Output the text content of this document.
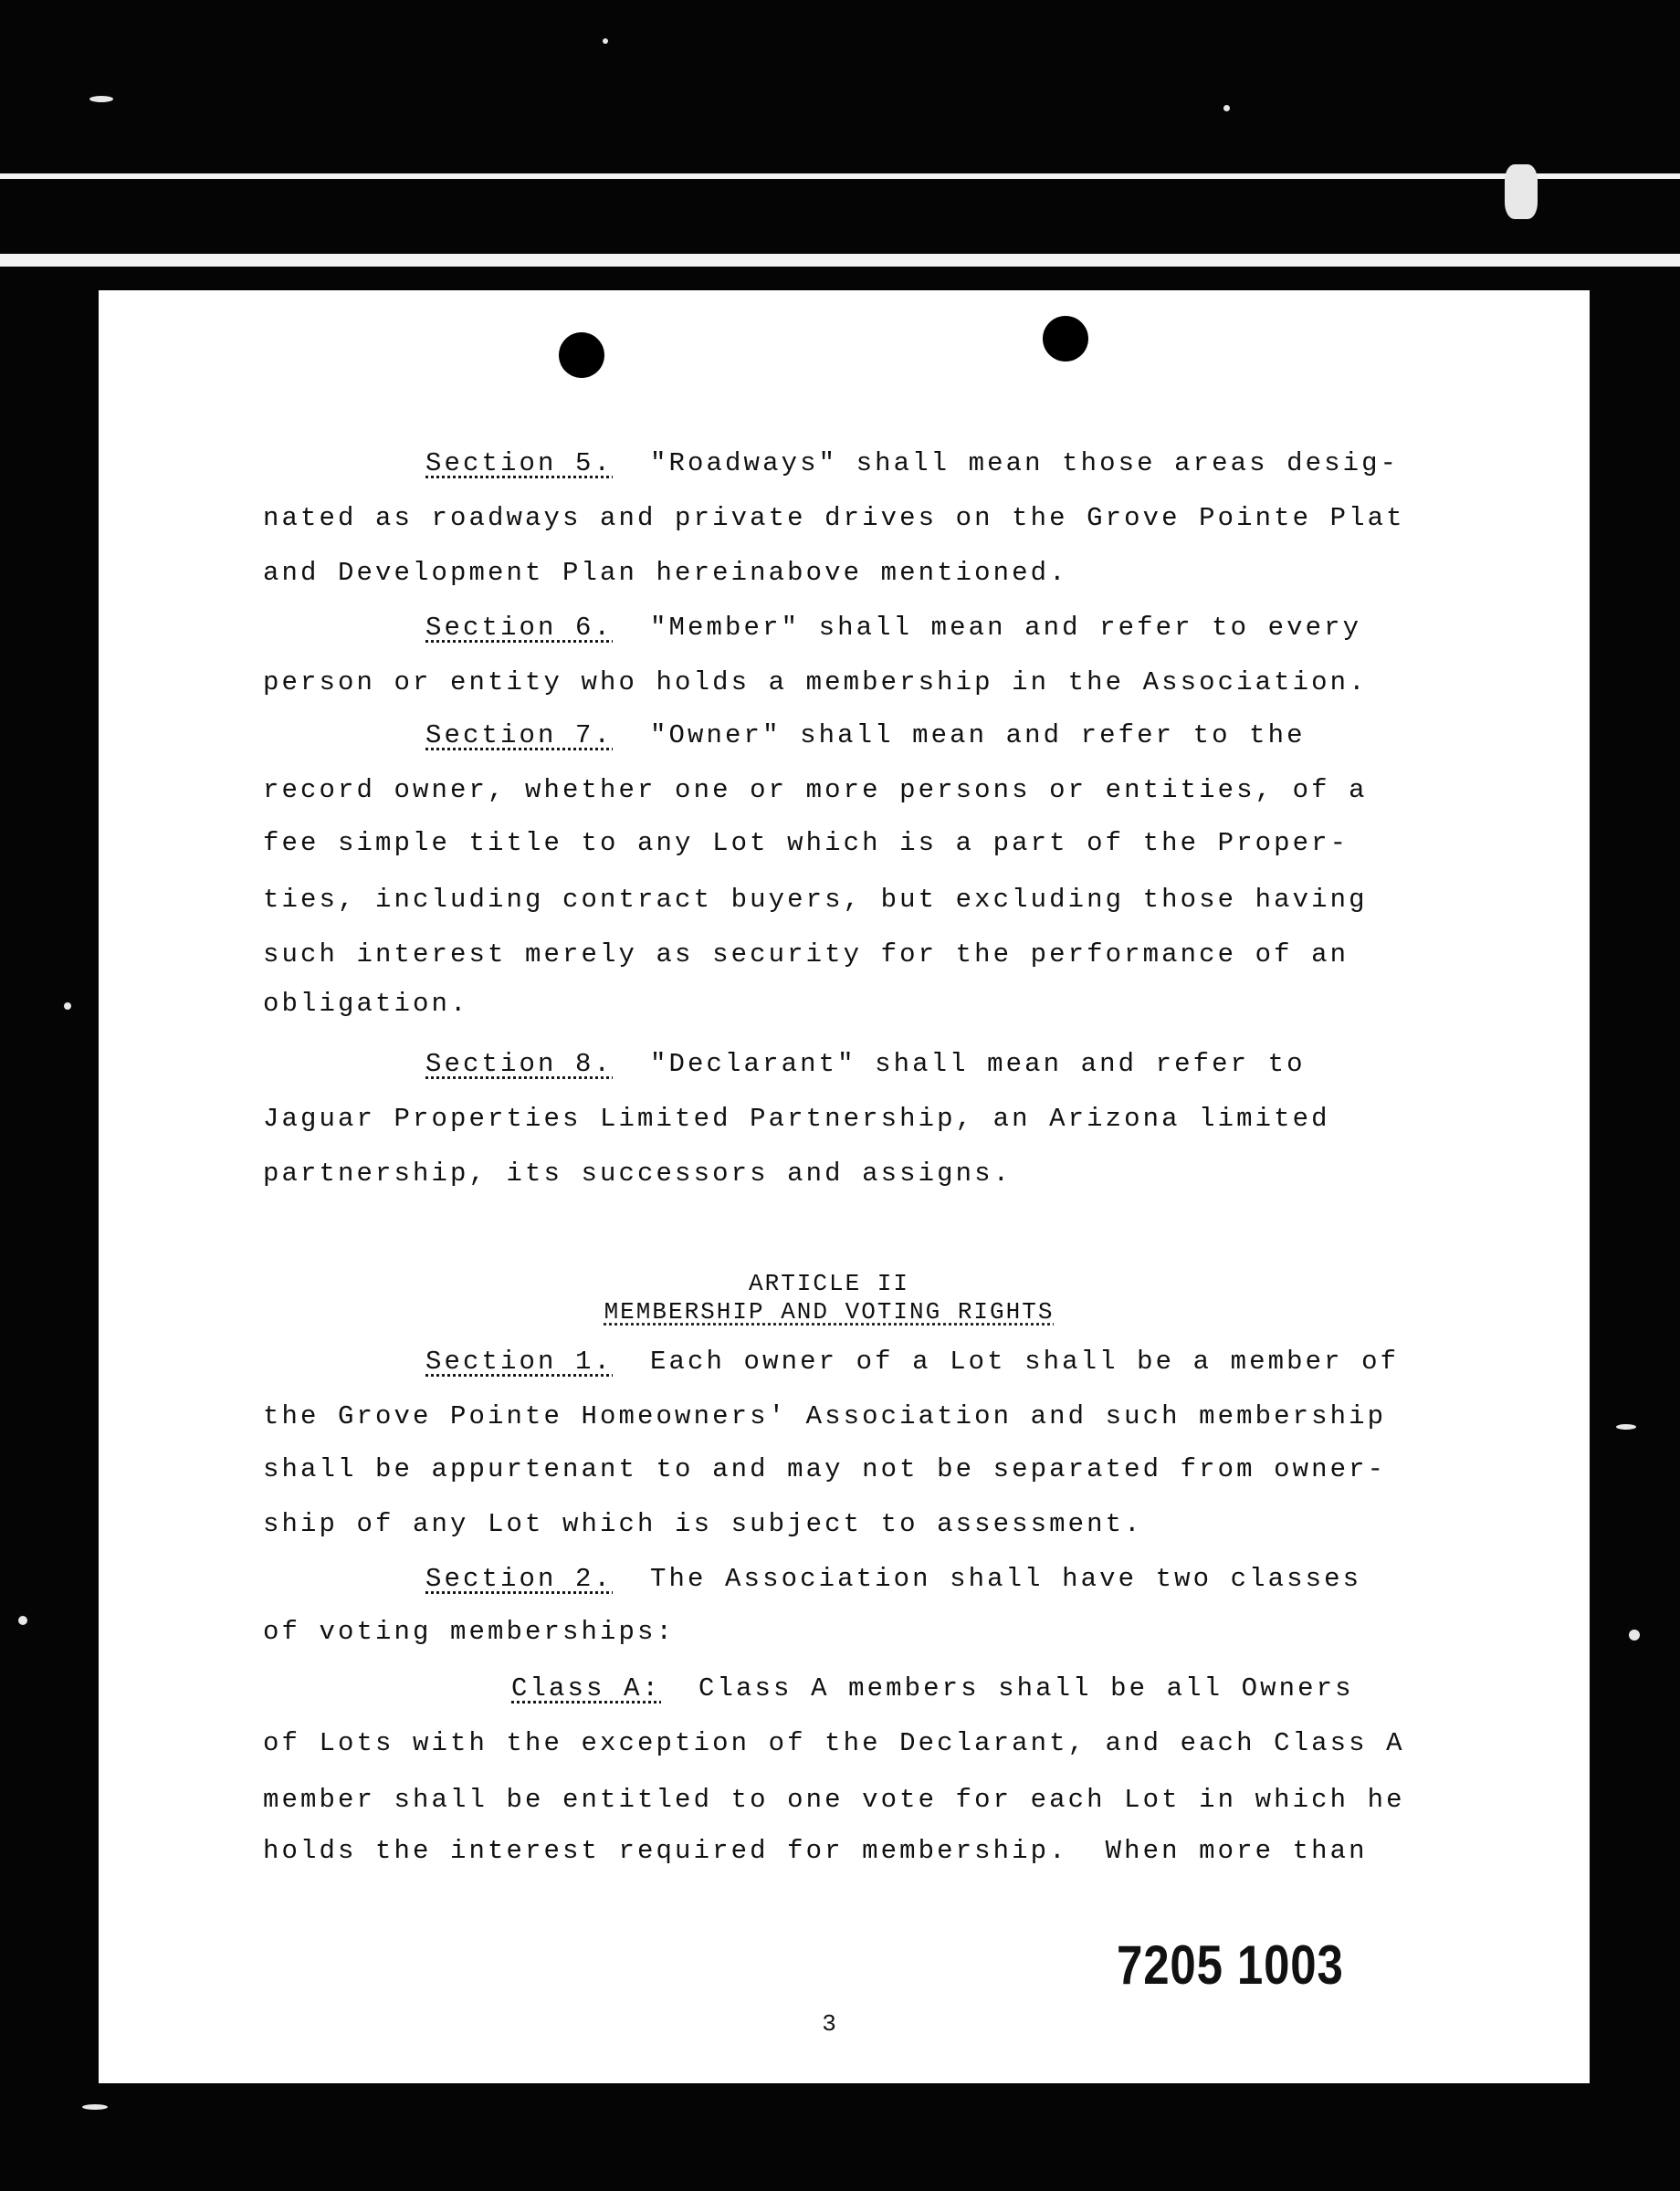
Section 5. "Roadways" shall mean those areas desig-
nated as roadways and private drives on the Grove Pointe Plat
and Development Plan hereinabove mentioned.
Section 6. "Member" shall mean and refer to every
person or entity who holds a membership in the Association.
Section 7. "Owner" shall mean and refer to the
record owner, whether one or more persons or entities, of a
fee simple title to any Lot which is a part of the Proper-
ties, including contract buyers, but excluding those having
such interest merely as security for the performance of an
obligation.
Section 8. "Declarant" shall mean and refer to
Jaguar Properties Limited Partnership, an Arizona limited
partnership, its successors and assigns.
ARTICLE II
MEMBERSHIP AND VOTING RIGHTS
Section 1. Each owner of a Lot shall be a member of
the Grove Pointe Homeowners' Association and such membership
shall be appurtenant to and may not be separated from owner-
ship of any Lot which is subject to assessment.
Section 2. The Association shall have two classes
of voting memberships:
Class A: Class A members shall be all Owners
of Lots with the exception of the Declarant, and each Class A
member shall be entitled to one vote for each Lot in which he
holds the interest required for membership.  When more than
7205 1003
3
